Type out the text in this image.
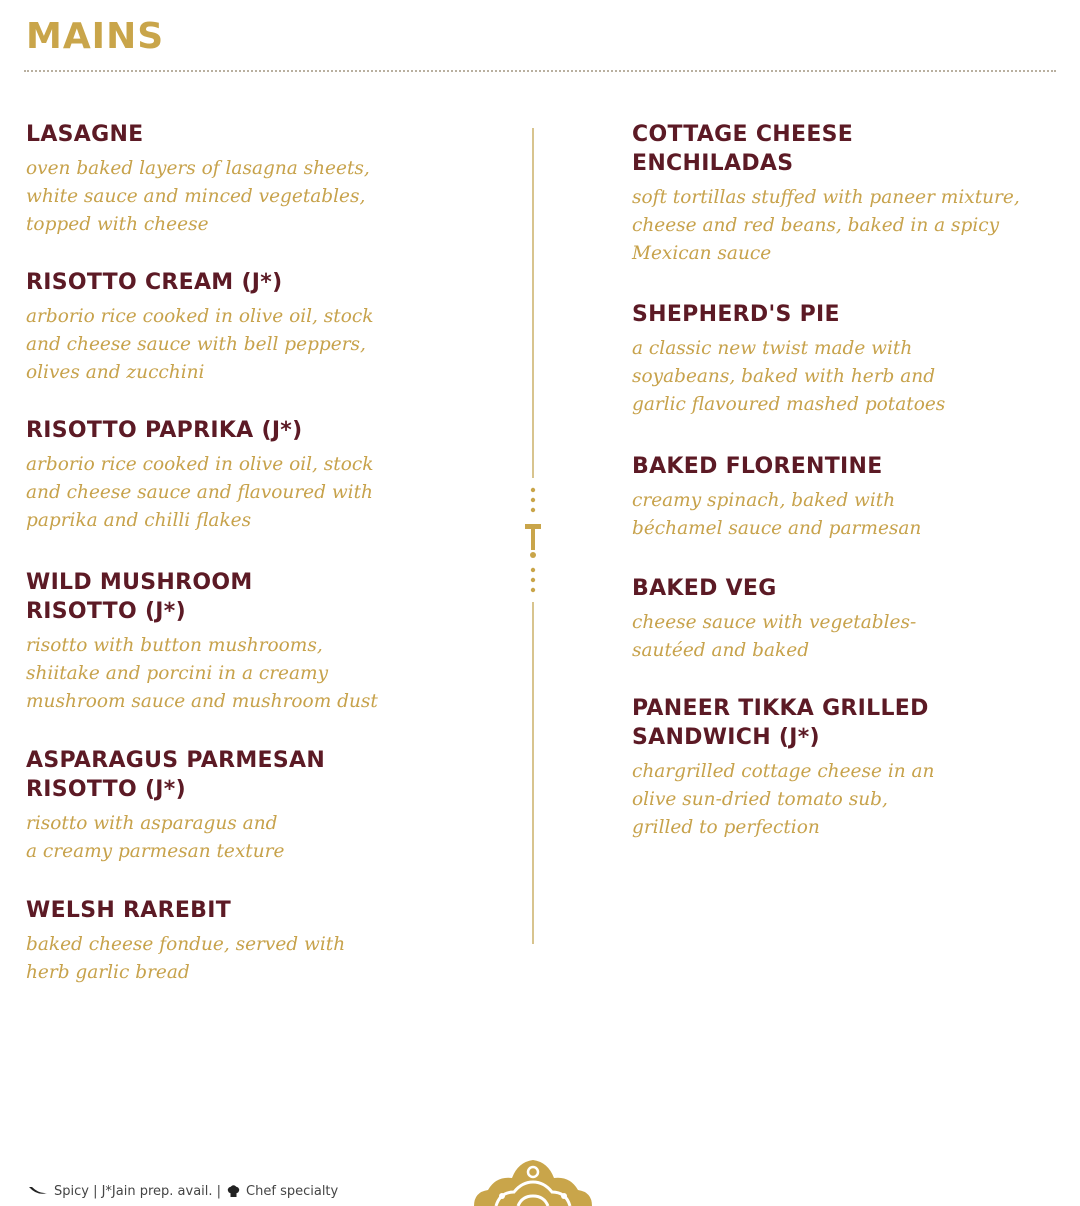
MAINS
LASAGNE
oven baked layers of lasagna sheets,
white sauce and minced vegetables,
topped with cheese
RISOTTO CREAM (J*)
arborio rice cooked in olive oil, stock
and cheese sauce with bell peppers,
olives and zucchini
RISOTTO PAPRIKA (J*)
arborio rice cooked in olive oil, stock
and cheese sauce and flavoured with
paprika and chilli flakes
WILD MUSHROOM
RISOTTO (J*)
risotto with button mushrooms,
shiitake and porcini in a creamy
mushroom sauce and mushroom dust
ASPARAGUS PARMESAN
RISOTTO (J*)
risotto with asparagus and
a creamy parmesan texture
WELSH RAREBIT
baked cheese fondue, served with
herb garlic bread
COTTAGE CHEESE
ENCHILADAS
soft tortillas stuffed with paneer mixture,
cheese and red beans, baked in a spicy
Mexican sauce
SHEPHERD'S PIE
a classic new twist made with
soyabeans, baked with herb and
garlic flavoured mashed potatoes
BAKED FLORENTINE
creamy spinach, baked with
béchamel sauce and parmesan
BAKED VEG
cheese sauce with vegetables-
sautéed and baked
PANEER TIKKA GRILLED
SANDWICH (J*)
chargrilled cottage cheese in an
olive sun-dried tomato sub,
grilled to perfection
Spicy | J*Jain prep. avail. | Chef specialty
